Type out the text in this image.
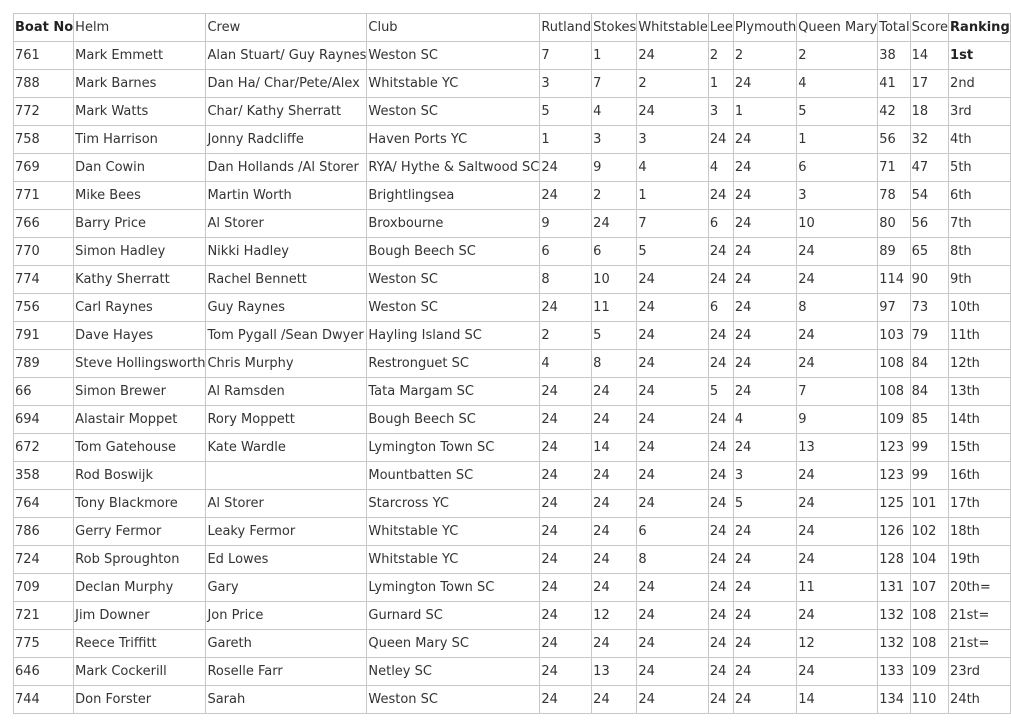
Boat No	Helm	Crew	Club	Rutland	Stokes	Whitstable	Lee	Plymouth	Queen Mary	Total	Score	Ranking
761	Mark Emmett	Alan Stuart/ Guy Raynes	Weston SC	7	1	24	2	2	2	38	14	1st
788	Mark Barnes	Dan Ha/ Char/Pete/Alex	Whitstable YC	3	7	2	1	24	4	41	17	2nd
772	Mark Watts	Char/ Kathy Sherratt	Weston SC	5	4	24	3	1	5	42	18	3rd
758	Tim Harrison	Jonny Radcliffe	Haven Ports YC	1	3	3	24	24	1	56	32	4th
769	Dan Cowin	Dan Hollands /Al Storer	RYA/ Hythe & Saltwood SC	24	9	4	4	24	6	71	47	5th
771	Mike Bees	Martin Worth	Brightlingsea	24	2	1	24	24	3	78	54	6th
766	Barry Price	Al Storer	Broxbourne	9	24	7	6	24	10	80	56	7th
770	Simon Hadley	Nikki Hadley	Bough Beech SC	6	6	5	24	24	24	89	65	8th
774	Kathy Sherratt	Rachel Bennett	Weston SC	8	10	24	24	24	24	114	90	9th
756	Carl Raynes	Guy Raynes	Weston SC	24	11	24	6	24	8	97	73	10th
791	Dave Hayes	Tom Pygall /Sean Dwyer	Hayling Island SC	2	5	24	24	24	24	103	79	11th
789	Steve Hollingsworth	Chris Murphy	Restronguet SC	4	8	24	24	24	24	108	84	12th
66	Simon Brewer	Al Ramsden	Tata Margam SC	24	24	24	5	24	7	108	84	13th
694	Alastair Moppet	Rory Moppett	Bough Beech SC	24	24	24	24	4	9	109	85	14th
672	Tom Gatehouse	Kate Wardle	Lymington Town SC	24	14	24	24	24	13	123	99	15th
358	Rod Boswijk		Mountbatten SC	24	24	24	24	3	24	123	99	16th
764	Tony Blackmore	Al Storer	Starcross YC	24	24	24	24	5	24	125	101	17th
786	Gerry Fermor	Leaky Fermor	Whitstable YC	24	24	6	24	24	24	126	102	18th
724	Rob Sproughton	Ed Lowes	Whitstable YC	24	24	8	24	24	24	128	104	19th
709	Declan Murphy	Gary	Lymington Town SC	24	24	24	24	24	11	131	107	20th=
721	Jim Downer	Jon Price	Gurnard SC	24	12	24	24	24	24	132	108	21st=
775	Reece Triffitt	Gareth	Queen Mary SC	24	24	24	24	24	12	132	108	21st=
646	Mark Cockerill	Roselle Farr	Netley SC	24	13	24	24	24	24	133	109	23rd
744	Don Forster	Sarah	Weston SC	24	24	24	24	24	14	134	110	24th
